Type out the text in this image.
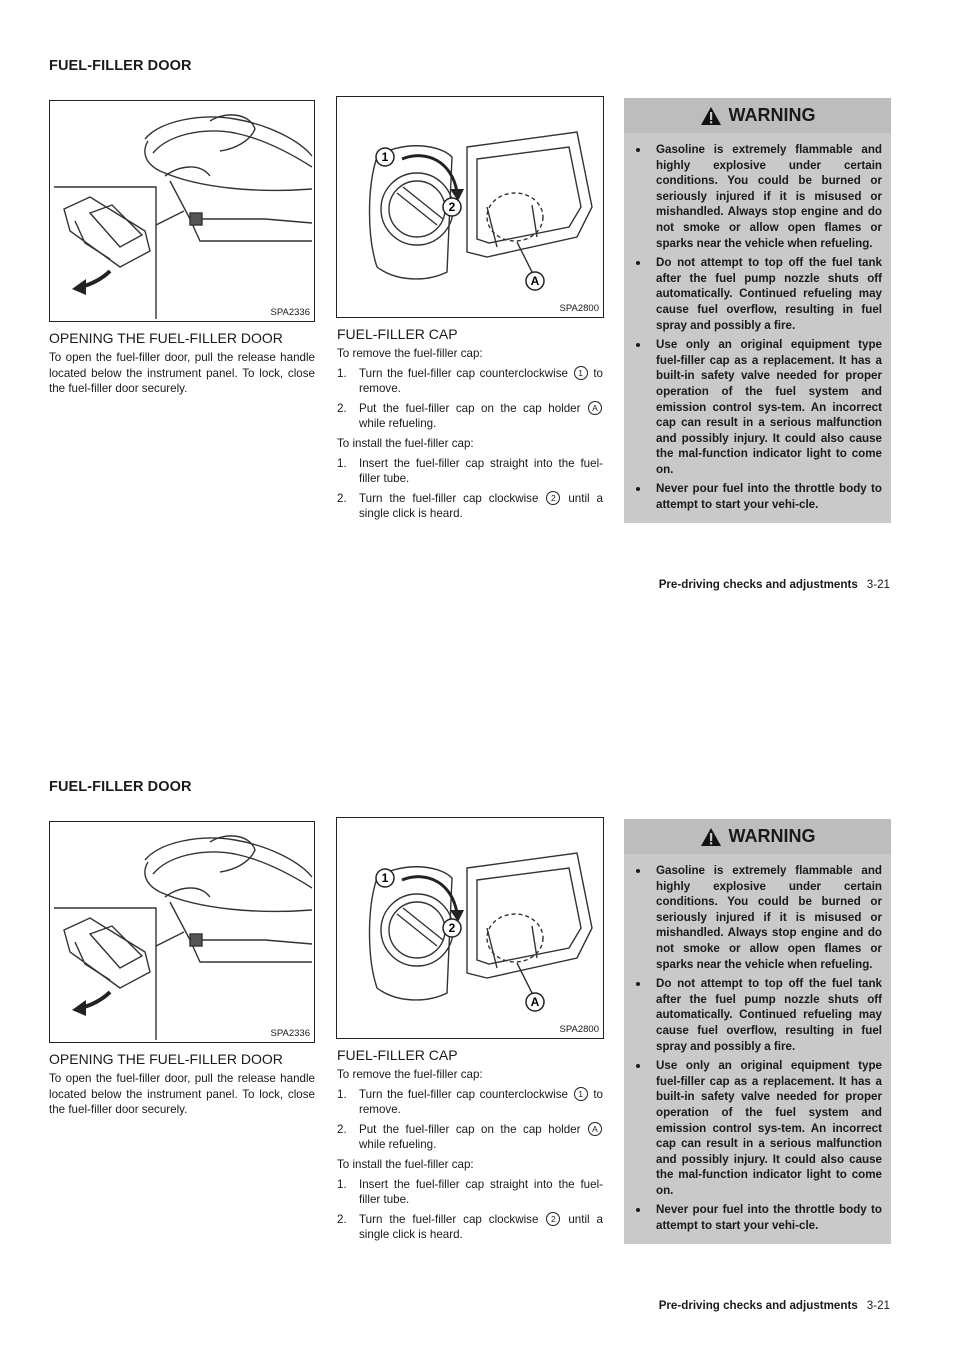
FUEL-FILLER DOOR
SPA2336
1
2
A
SPA2800
OPENING THE FUEL-FILLER DOOR

To open the fuel-filler door, pull the release handle located below the instrument panel. To lock, close the fuel-filler door securely.

FUEL-FILLER CAP

To remove the fuel-filler cap:

1. Turn the fuel-filler cap counterclockwise 1 to remove.
2. Put the fuel-filler cap on the cap holder A while refueling.

To install the fuel-filler cap:

1. Insert the fuel-filler cap straight into the fuel-filler tube.
2. Turn the fuel-filler cap clockwise 2 until a single click is heard.
WARNING
Gasoline is extremely flammable and highly explosive under certain conditions. You could be burned or seriously injured if it is misused or mishandled. Always stop engine and do not smoke or allow open flames or sparks near the vehicle when refueling.
Do not attempt to top off the fuel tank after the fuel pump nozzle shuts off automatically. Continued refueling may cause fuel overflow, resulting in fuel spray and possibly a fire.
Use only an original equipment type fuel-filler cap as a replacement. It has a built-in safety valve needed for proper operation of the fuel system and emission control sys-tem. An incorrect cap can result in a serious malfunction and possibly injury. It could also cause the mal-function indicator light to come on.
Never pour fuel into the throttle body to attempt to start your vehi-cle.
Pre-driving checks and adjustments 3-21
FUEL-FILLER DOOR
SPA2336
1
2
A
SPA2800
OPENING THE FUEL-FILLER DOOR

To open the fuel-filler door, pull the release handle located below the instrument panel. To lock, close the fuel-filler door securely.

FUEL-FILLER CAP

To remove the fuel-filler cap:

1. Turn the fuel-filler cap counterclockwise 1 to remove.
2. Put the fuel-filler cap on the cap holder A while refueling.

To install the fuel-filler cap:

1. Insert the fuel-filler cap straight into the fuel-filler tube.
2. Turn the fuel-filler cap clockwise 2 until a single click is heard.
WARNING
Gasoline is extremely flammable and highly explosive under certain conditions. You could be burned or seriously injured if it is misused or mishandled. Always stop engine and do not smoke or allow open flames or sparks near the vehicle when refueling.
Do not attempt to top off the fuel tank after the fuel pump nozzle shuts off automatically. Continued refueling may cause fuel overflow, resulting in fuel spray and possibly a fire.
Use only an original equipment type fuel-filler cap as a replacement. It has a built-in safety valve needed for proper operation of the fuel system and emission control sys-tem. An incorrect cap can result in a serious malfunction and possibly injury. It could also cause the mal-function indicator light to come on.
Never pour fuel into the throttle body to attempt to start your vehi-cle.
Pre-driving checks and adjustments 3-21
